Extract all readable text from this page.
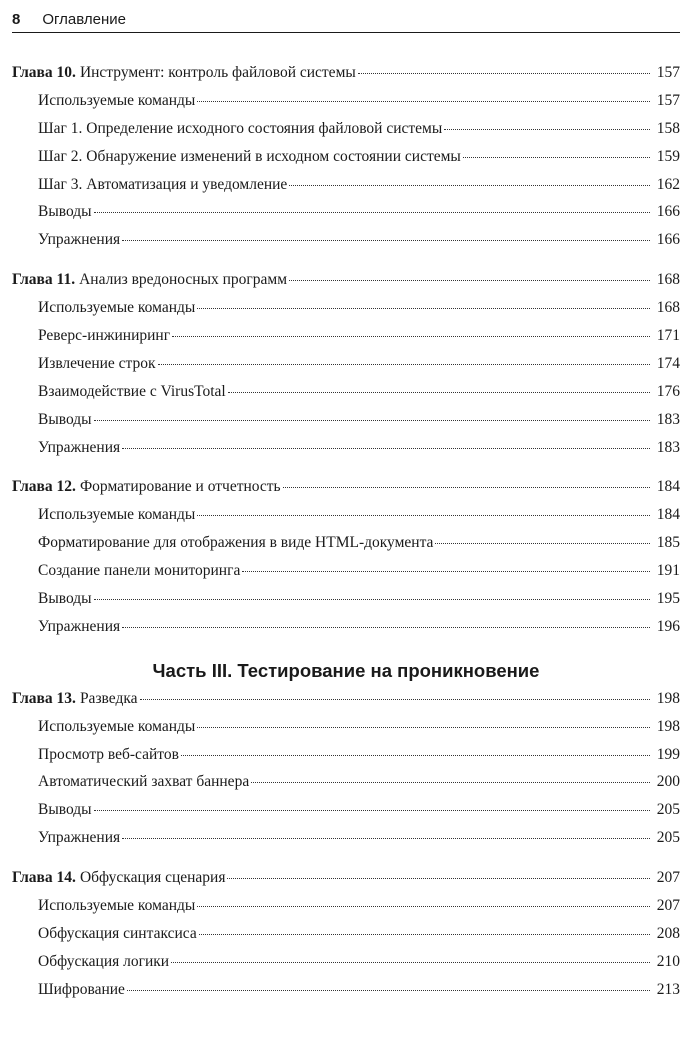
8 Оглавление
Глава 10. Инструмент: контроль файловой системы	157
Используемые команды	157
Шаг 1. Определение исходного состояния файловой системы	158
Шаг 2. Обнаружение изменений в исходном состоянии системы	159
Шаг 3. Автоматизация и уведомление	162
Выводы	166
Упражнения	166
Глава 11. Анализ вредоносных программ	168
Используемые команды	168
Реверс-инжиниринг	171
Извлечение строк	174
Взаимодействие с VirusTotal	176
Выводы	183
Упражнения	183
Глава 12. Форматирование и отчетность	184
Используемые команды	184
Форматирование для отображения в виде HTML-документа	185
Создание панели мониторинга	191
Выводы	195
Упражнения	196
Часть III. Тестирование на проникновение
Глава 13. Разведка	198
Используемые команды	198
Просмотр веб-сайтов	199
Автоматический захват баннера	200
Выводы	205
Упражнения	205
Глава 14. Обфускация сценария	207
Используемые команды	207
Обфускация синтаксиса	208
Обфускация логики	210
Шифрование	213
